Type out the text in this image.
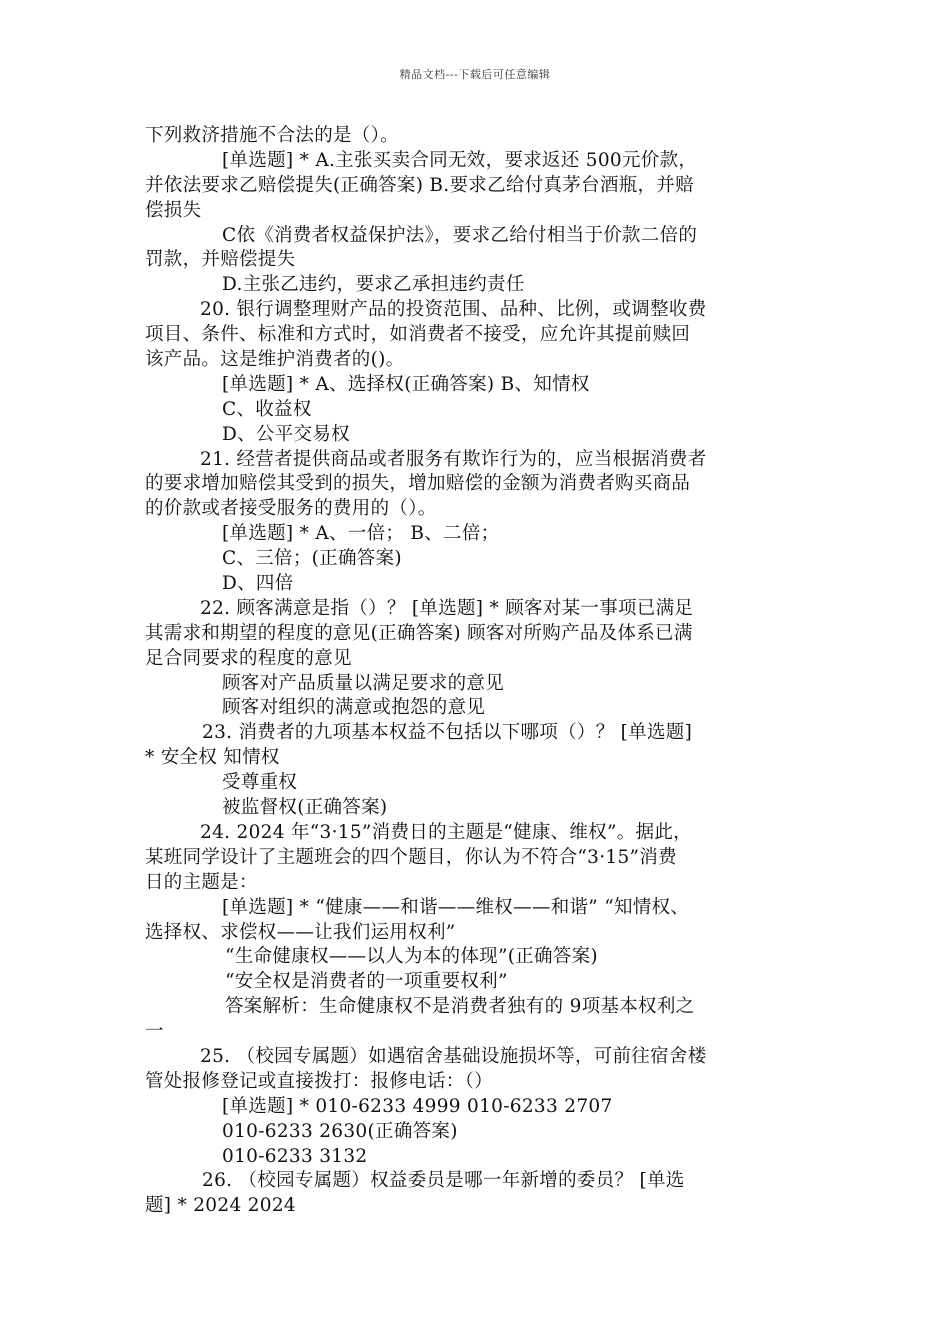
精品文档---下载后可任意编辑
下列救济措施不合法的是（）。
[单选题] * A.主张买卖合同无效，要求返还 500元价款，
并依法要求乙赔偿提失(正确答案) B.要求乙给付真茅台酒瓶，并赔
偿损失
C依《消费者权益保护法》，要求乙给付相当于价款二倍的
罚款，并赔偿提失
D.主张乙违约，要求乙承担违约责任
20. 银行调整理财产品的投资范围、品种、比例，或调整收费
项目、条件、标准和方式时，如消费者不接受，应允许其提前赎回
该产品。这是维护消费者的()。
[单选题] * A、选择权(正确答案) B、知情权
C、收益权
D、公平交易权
21. 经营者提供商品或者服务有欺诈行为的，应当根据消费者
的要求增加赔偿其受到的损失，增加赔偿的金额为消费者购买商品
的价款或者接受服务的费用的（）。
[单选题] * A、一倍； B、二倍；
C、三倍；(正确答案)
D、四倍
22. 顾客满意是指（）？ [单选题] * 顾客对某一事项已满足
其需求和期望的程度的意见(正确答案) 顾客对所购产品及体系已满
足合同要求的程度的意见
顾客对产品质量以满足要求的意见
顾客对组织的满意或抱怨的意见
23. 消费者的九项基本权益不包括以下哪项（）？ [单选题]
* 安全权 知情权
受尊重权
被监督权(正确答案)
24. 2024 年“3·15”消费日的主题是“健康、维权”。据此，
某班同学设计了主题班会的四个题目，你认为不符合“3·15”消费
日的主题是：
[单选题] * “健康——和谐——维权——和谐” “知情权、
选择权、求偿权——让我们运用权利”
“生命健康权——以人为本的体现”(正确答案)
“安全权是消费者的一项重要权利”
答案解析：生命健康权不是消费者独有的 9项基本权利之
一
25. （校园专属题）如遇宿舍基础设施损坏等，可前往宿舍楼
管处报修登记或直接拨打：报修电话：（）
[单选题] * 010-6233 4999 010-6233 2707
010-6233 2630(正确答案)
010-6233 3132
26. （校园专属题）权益委员是哪一年新增的委员？ [单选
题] * 2024 2024
